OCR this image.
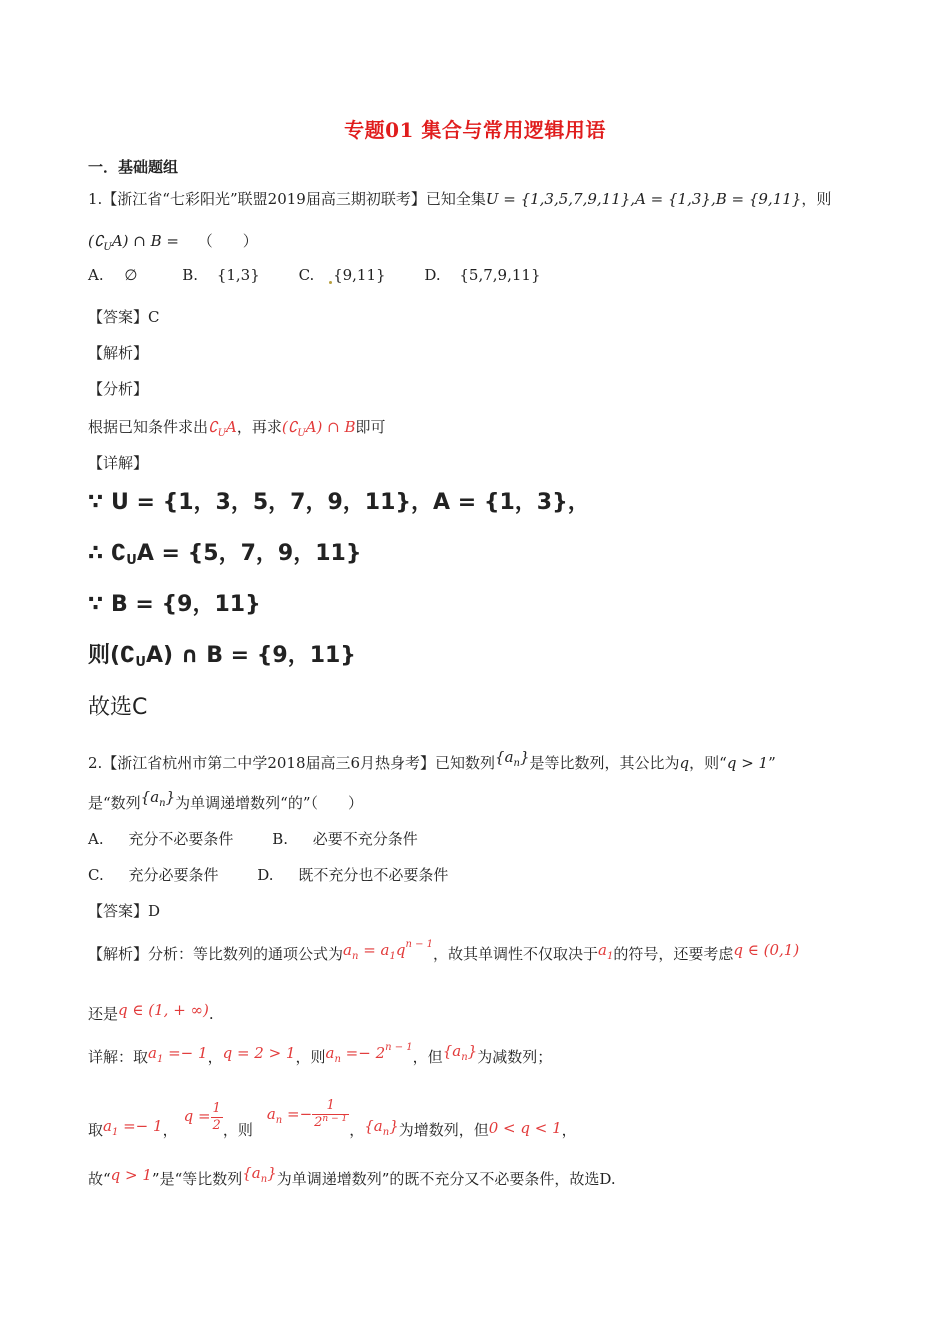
专题01 集合与常用逻辑用语
一．基础题组
1.【浙江省“七彩阳光”联盟2019届高三期初联考】已知全集U = {1,3,5,7,9,11},A = {1,3},B = {9,11}，则
$(∁_UA)$ ∩ B = （　　）
A. ∅	B. {1,3}	C. {9,11}	D. {5,7,9,11}
【答案】C
【解析】
【分析】
根据已知条件求出$∁_UA$，再求$(∁_UA)$ ∩ B即可
【详解】
∵ U = {1，3，5，7，9，11}，A = {1，3}，
∴ ∁UA = {5，7，9，11}
∵ B = {9，11}
则(∁UA) ∩ B = {9，11}
故选C
2.【浙江省杭州市第二中学2018届高三6月热身考】已知数列$\{a_n\}$是等比数列，其公比为q，则“q > 1”
是“数列$\{a_n\}$为单调递增数列“的”（　　）
A. 充分不必要条件	B. 必要不充分条件
C. 充分必要条件	D. 既不充分也不必要条件
【答案】D
【解析】分析：等比数列的通项公式为$a_n = a_1q^{n - 1}$，故其单调性不仅取决于$a_1$的符号，还要考虑q ∈ (0,1)
还是q ∈ (1, + ∞).
详解：取$a_1 =- 1$，q = 2 > 1，则$a_n =- 2^{n - 1}$，但$\{a_n\}$为减数列；
取$a_1 =- 1$，$q = \frac{1}{2}$ ，则$a_n =- \frac{1}{2^{n - 1}}$ ，$\{a_n\}$为增数列，但0 < q < 1，
故“q > 1”是“等比数列$\{a_n\}$为单调递增数列”的既不充分又不必要条件，故选D.
